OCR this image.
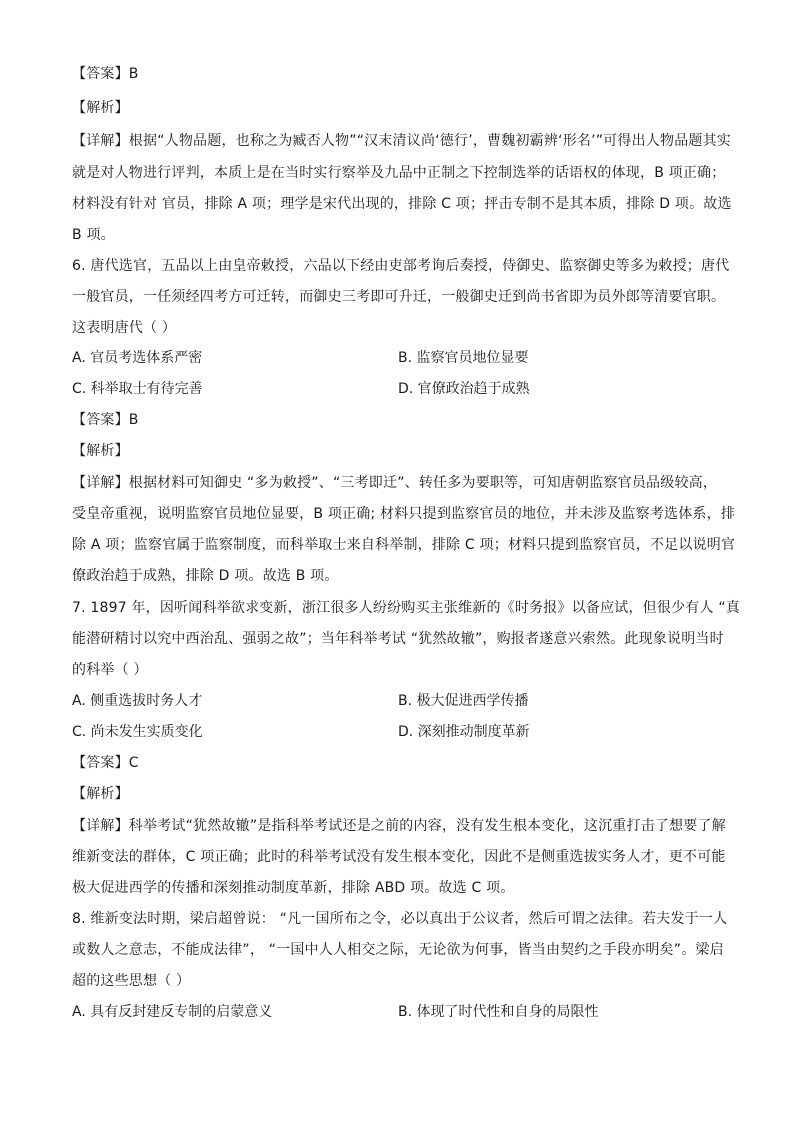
【答案】B
【解析】
【详解】根据“人物品题，也称之为臧否人物”“汉末清议尚‘德行’，曹魏初霸辨‘形名’”可得出人物品题其实
就是对人物进行评判，本质上是在当时实行察举及九品中正制之下控制选举的话语权的体现，B 项正确；
材料没有针对 官员，排除 A 项；理学是宋代出现的，排除 C 项；抨击专制不是其本质，排除 D 项。故选
B 项。
6. 唐代选官，五品以上由皇帝敕授，六品以下经由吏部考询后奏授，侍御史、监察御史等多为敕授；唐代
一般官员，一任须经四考方可迁转，而御史三考即可升迁，一般御史迁到尚书省即为员外郎等清要官职。
这表明唐代（ ）
A. 官员考选体系严密	B. 监察官员地位显要
C. 科举取士有待完善	D. 官僚政治趋于成熟
【答案】B
【解析】
【详解】根据材料可知御史 “多为敕授”、“三考即迁”、转任多为要职等，可知唐朝监察官员品级较高，
受皇帝重视，说明监察官员地位显要，B 项正确; 材料只提到监察官员的地位，并未涉及监察考选体系，排
除 A 项；监察官属于监察制度，而科举取士来自科举制，排除 C 项；材料只提到监察官员，不足以说明官
僚政治趋于成熟，排除 D 项。故选 B 项。
7. 1897 年，因听闻科举欲求变新，浙江很多人纷纷购买主张维新的《时务报》以备应试，但很少有人 “真
能潜研精讨以究中西治乱、强弱之故”；当年科举考试 “犹然故辙”，购报者遂意兴索然。此现象说明当时
的科举（ ）
A. 侧重选拔时务人才	B. 极大促进西学传播
C. 尚未发生实质变化	D. 深刻推动制度革新
【答案】C
【解析】
【详解】科举考试“犹然故辙”是指科举考试还是之前的内容，没有发生根本变化，这沉重打击了想要了解
维新变法的群体，C 项正确；此时的科举考试没有发生根本变化，因此不是侧重选拔实务人才，更不可能
极大促进西学的传播和深刻推动制度革新，排除 ABD 项。故选 C 项。
8. 维新变法时期，梁启超曾说： “凡一国所布之令，必以真出于公议者，然后可谓之法律。若夫发于一人
或数人之意志，不能成法律”， “一国中人人相交之际，无论欲为何事，皆当由契约之手段亦明矣”。梁启
超的这些思想（ ）
A. 具有反封建反专制的启蒙意义	B. 体现了时代性和自身的局限性
